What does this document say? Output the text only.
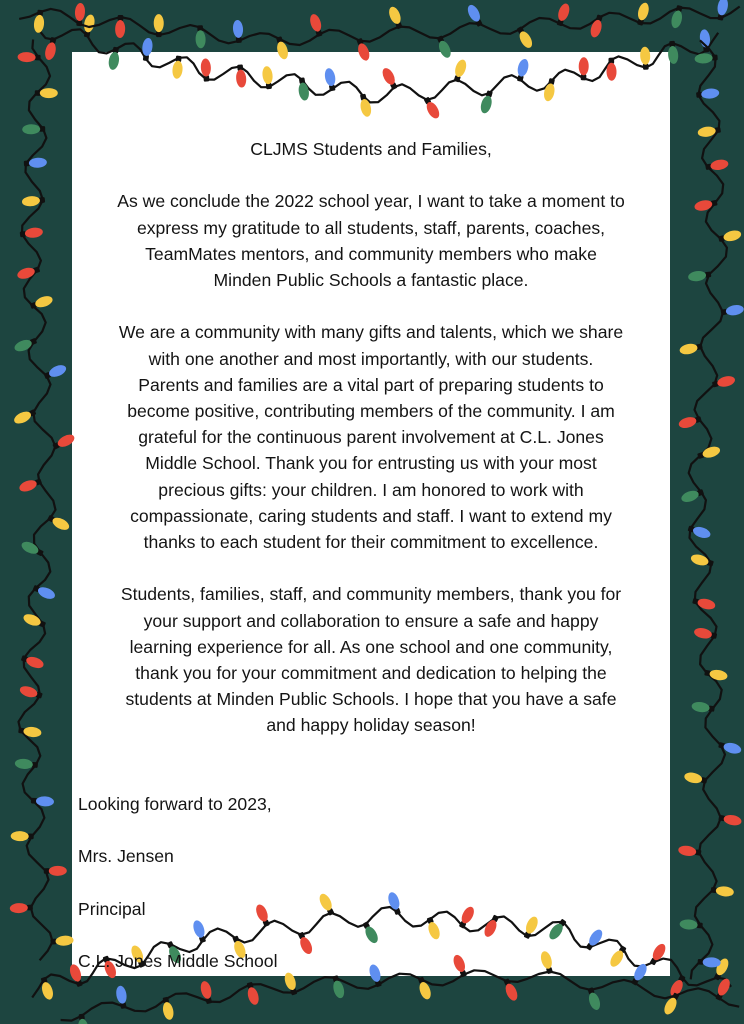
CLJMS Students and Families,

As we conclude the 2022 school year, I want to take a moment to
express my gratitude to all students, staff, parents, coaches,
TeamMates mentors, and community members who make
Minden Public Schools a fantastic place.

We are a community with many gifts and talents, which we share
with one another and most importantly, with our students.
Parents and families are a vital part of preparing students to
become positive, contributing members of the community. I am
grateful for the continuous parent involvement at C.L. Jones
Middle School. Thank you for entrusting us with your most
precious gifts: your children. I am honored to work with
compassionate, caring students and staff. I want to extend my
thanks to each student for their commitment to excellence.

Students, families, staff, and community members, thank you for
your support and collaboration to ensure a safe and happy
learning experience for all. As one school and one community,
thank you for your commitment and dedication to helping the
students at Minden Public Schools. I hope that you have a safe
and happy holiday season!

Looking forward to 2023,

Mrs. Jensen

Principal

C.L. Jones Middle School
